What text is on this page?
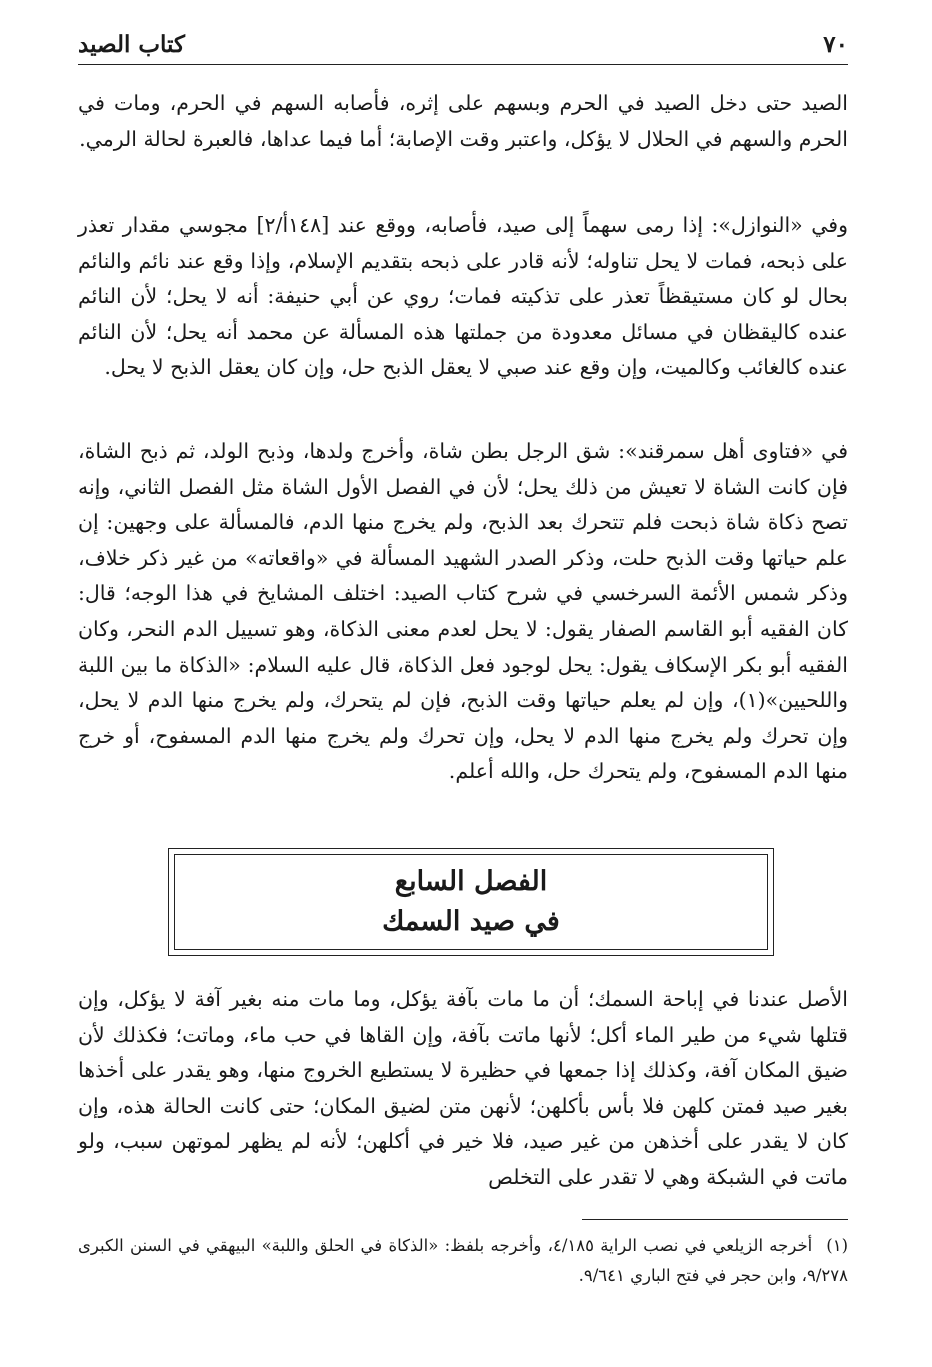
٧٠
كتاب الصيد

الصيد حتى دخل الصيد في الحرم وبسهم على إثره، فأصابه السهم في الحرم، ومات في الحرم والسهم في الحلال لا يؤكل، واعتبر وقت الإصابة؛ أما فيما عداها، فالعبرة لحالة الرمي.

وفي «النوازل»: إذا رمى سهماً إلى صيد، فأصابه، ووقع عند [١٤٨أ/٢] مجوسي مقدار تعذر على ذبحه، فمات لا يحل تناوله؛ لأنه قادر على ذبحه بتقديم الإسلام، وإذا وقع عند نائم والنائم بحال لو كان مستيقظاً تعذر على تذكيته فمات؛ روي عن أبي حنيفة: أنه لا يحل؛ لأن النائم عنده كاليقظان في مسائل معدودة من جملتها هذه المسألة عن محمد أنه يحل؛ لأن النائم عنده كالغائب وكالميت، وإن وقع عند صبي لا يعقل الذبح حل، وإن كان يعقل الذبح لا يحل.

في «فتاوى أهل سمرقند»: شق الرجل بطن شاة، وأخرج ولدها، وذبح الولد، ثم ذبح الشاة، فإن كانت الشاة لا تعيش من ذلك يحل؛ لأن في الفصل الأول الشاة مثل الفصل الثاني، وإنه تصح ذكاة شاة ذبحت فلم تتحرك بعد الذبح، ولم يخرج منها الدم، فالمسألة على وجهين: إن علم حياتها وقت الذبح حلت، وذكر الصدر الشهيد المسألة في «واقعاته» من غير ذكر خلاف، وذكر شمس الأئمة السرخسي في شرح كتاب الصيد: اختلف المشايخ في هذا الوجه؛ قال: كان الفقيه أبو القاسم الصفار يقول: لا يحل لعدم معنى الذكاة، وهو تسييل الدم النحر، وكان الفقيه أبو بكر الإسكاف يقول: يحل لوجود فعل الذكاة، قال عليه السلام: «الذكاة ما بين اللبة واللحيين»(١)، وإن لم يعلم حياتها وقت الذبح، فإن لم يتحرك، ولم يخرج منها الدم لا يحل، وإن تحرك ولم يخرج منها الدم لا يحل، وإن تحرك ولم يخرج منها الدم المسفوح، أو خرج منها الدم المسفوح، ولم يتحرك حل، والله أعلم.

الفصل السابع
في صيد السمك

الأصل عندنا في إباحة السمك؛ أن ما مات بآفة يؤكل، وما مات منه بغير آفة لا يؤكل، وإن قتلها شيء من طير الماء أكل؛ لأنها ماتت بآفة، وإن القاها في حب ماء، وماتت؛ فكذلك لأن ضيق المكان آفة، وكذلك إذا جمعها في حظيرة لا يستطيع الخروج منها، وهو يقدر على أخذها بغير صيد فمتن كلهن فلا بأس بأكلهن؛ لأنهن متن لضيق المكان؛ حتى كانت الحالة هذه، وإن كان لا يقدر على أخذهن من غير صيد، فلا خير في أكلهن؛ لأنه لم يظهر لموتهن سبب، ولو ماتت في الشبكة وهي لا تقدر على التخلص

(١)أخرجه الزيلعي في نصب الراية ٤/١٨٥، وأخرجه بلفظ: «الذكاة في الحلق واللبة» البيهقي في السنن الكبرى ٩/٢٧٨، وابن حجر في فتح الباري ٩/٦٤١.
